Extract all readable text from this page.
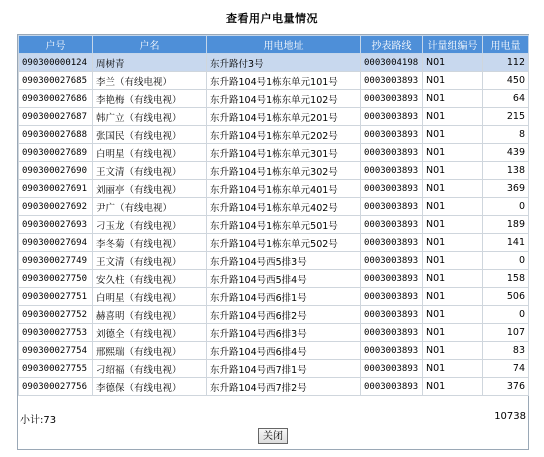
查看用户电量情况
户号	户名	用电地址	抄表路线	计量组编号	用电量
090300000124	周树青	东升路付3号	0003004198	N01	112
090300027685	李兰（有线电视）	东升路104号1栋东单元101号	0003003893	N01	450
090300027686	李艳梅（有线电视）	东升路104号1栋东单元102号	0003003893	N01	64
090300027687	韩广立（有线电视）	东升路104号1栋东单元201号	0003003893	N01	215
090300027688	张国民（有线电视）	东升路104号1栋东单元202号	0003003893	N01	8
090300027689	白明星（有线电视）	东升路104号1栋东单元301号	0003003893	N01	439
090300027690	王文清（有线电视）	东升路104号1栋东单元302号	0003003893	N01	138
090300027691	刘丽亭（有线电视）	东升路104号1栋东单元401号	0003003893	N01	369
090300027692	尹广（有线电视）	东升路104号1栋东单元402号	0003003893	N01	0
090300027693	刁玉龙（有线电视）	东升路104号1栋东单元501号	0003003893	N01	189
090300027694	李冬菊（有线电视）	东升路104号1栋东单元502号	0003003893	N01	141
090300027749	王文清（有线电视）	东升路104号西5排3号	0003003893	N01	0
090300027750	安久柱（有线电视）	东升路104号西5排4号	0003003893	N01	158
090300027751	白明星（有线电视）	东升路104号西6排1号	0003003893	N01	506
090300027752	赫喜明（有线电视）	东升路104号西6排2号	0003003893	N01	0
090300027753	刘德全（有线电视）	东升路104号西6排3号	0003003893	N01	107
090300027754	邢熙瑞（有线电视）	东升路104号西6排4号	0003003893	N01	83
090300027755	刁绍福（有线电视）	东升路104号西7排1号	0003003893	N01	74
090300027756	李德保（有线电视）	东升路104号西7排2号	0003003893	N01	376
小计:73	10738
关闭
